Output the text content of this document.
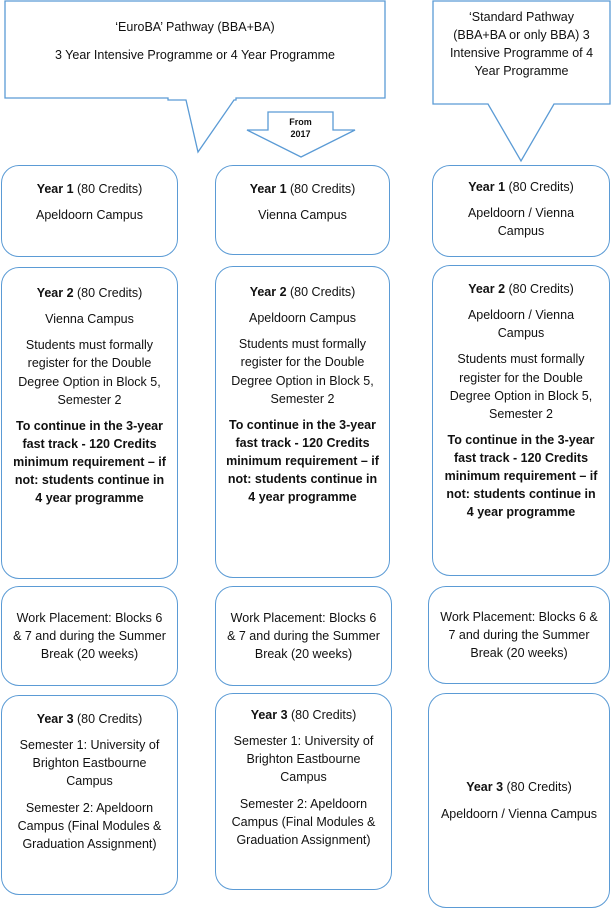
‘EuroBA’ Pathway (BBA+BA)

3 Year Intensive Programme or 4 Year Programme

From
2017

‘Standard Pathway

(BBA+BA or only BBA) 3

Intensive Programme of 4

Year Programme

Year 1 (80 Credits)

Apeldoorn Campus

Year 2 (80 Credits)

Vienna Campus

Students must formally register for the Double Degree Option in Block 5, Semester 2

To continue in the 3-year fast track - 120 Credits minimum requirement – if not: students continue in 4 year programme

Work Placement: Blocks 6 & 7 and during the Summer Break (20 weeks)

Year 3 (80 Credits)

Semester 1: University of Brighton Eastbourne Campus

Semester 2: Apeldoorn Campus (Final Modules & Graduation Assignment)

Year 1 (80 Credits)

Vienna Campus

Year 2 (80 Credits)

Apeldoorn Campus

Students must formally register for the Double Degree Option in Block 5, Semester 2

To continue in the 3-year fast track - 120 Credits minimum requirement – if not: students continue in 4 year programme

Work Placement: Blocks 6 & 7 and during the Summer Break (20 weeks)

Year 3 (80 Credits)

Semester 1: University of Brighton Eastbourne Campus

Semester 2: Apeldoorn Campus (Final Modules & Graduation Assignment)

Year 1 (80 Credits)

Apeldoorn / Vienna Campus

Year 2 (80 Credits)

Apeldoorn / Vienna Campus

Students must formally register for the Double Degree Option in Block 5, Semester 2

To continue in the 3-year fast track - 120 Credits minimum requirement – if not: students continue in 4 year programme

Work Placement: Blocks 6 & 7 and during the Summer Break (20 weeks)

Year 3 (80 Credits)

Apeldoorn / Vienna Campus
